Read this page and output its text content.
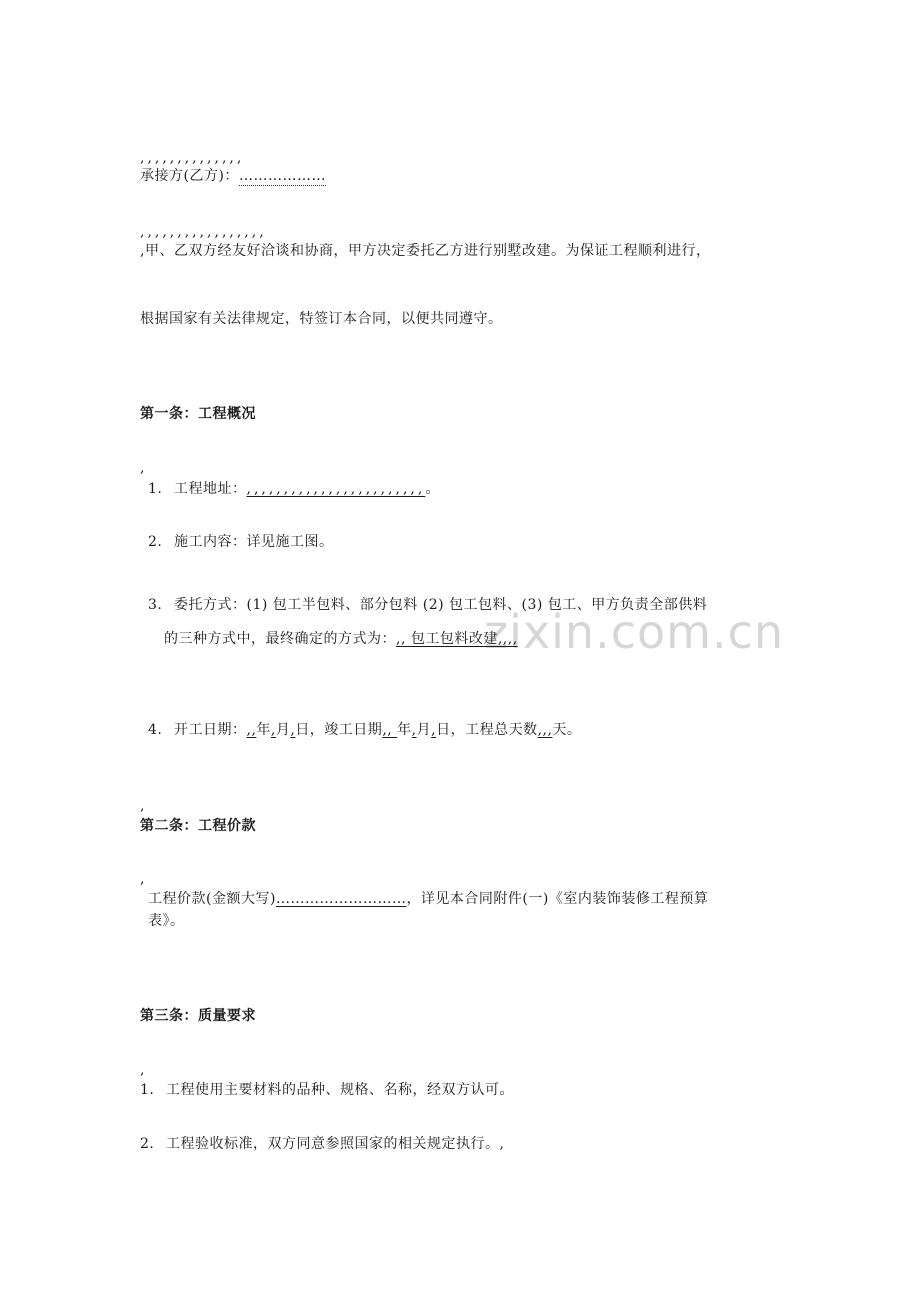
zixin.com.cn
,,,,,,,,,,,,,,
承接方(乙方)：………………
,,,,,,,,,,,,,,,,,
,甲、乙双方经友好洽谈和协商，甲方决定委托乙方进行别墅改建。为保证工程顺利进行，
根据国家有关法律规定，特签订本合同，以便共同遵守。
第一条：工程概况
,
1. 工程地址：,,,,,,,,,,,,,,,,,,,,,,,,。
2. 施工内容：详见施工图。
3. 委托方式：(1) 包工半包料、部分包料 (2) 包工包料、(3) 包工、甲方负责全部供料
的三种方式中，最终确定的方式为：,, 包工包料改建,,,,
4. 开工日期：,,年,月,日，竣工日期,, 年,月,日，工程总天数,,,天。
,
第二条：工程价款
,
工程价款(金额大写)………………………，详见本合同附件(一)《室内装饰装修工程预算
表》。
第三条：质量要求
,
1. 工程使用主要材料的品种、规格、名称，经双方认可。
2. 工程验收标准，双方同意参照国家的相关规定执行。,
